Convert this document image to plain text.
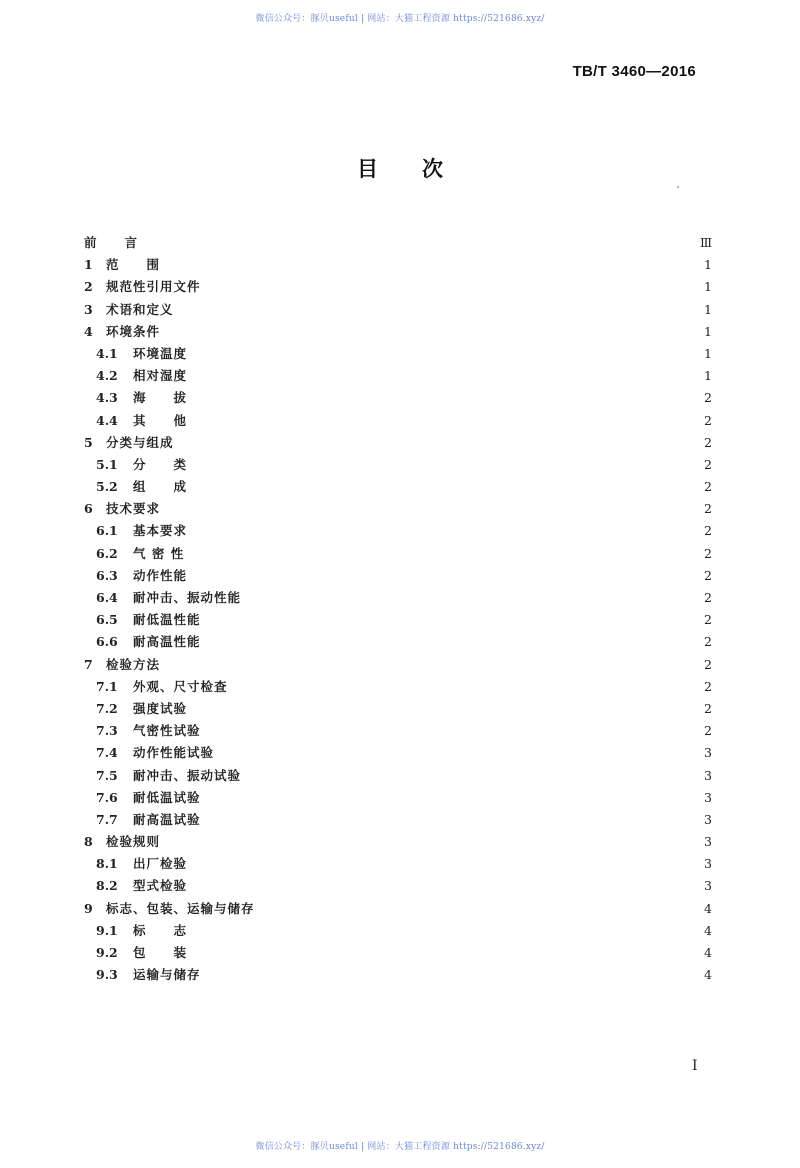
微信公众号：豚贝useful | 网站：大猫工程资源 https://521686.xyz/
TB/T 3460—2016
目次
前　　言	Ⅲ
1	范　　围	1
2	规范性引用文件	1
3	术语和定义	1
4	环境条件	1
4.1	环境温度	1
4.2	相对湿度	1
4.3	海　　拔	2
4.4	其　　他	2
5	分类与组成	2
5.1	分　　类	2
5.2	组　　成	2
6	技术要求	2
6.1	基本要求	2
6.2	气 密 性	2
6.3	动作性能	2
6.4	耐冲击、振动性能	2
6.5	耐低温性能	2
6.6	耐高温性能	2
7	检验方法	2
7.1	外观、尺寸检查	2
7.2	强度试验	2
7.3	气密性试验	2
7.4	动作性能试验	3
7.5	耐冲击、振动试验	3
7.6	耐低温试验	3
7.7	耐高温试验	3
8	检验规则	3
8.1	出厂检验	3
8.2	型式检验	3
9	标志、包装、运输与储存	4
9.1	标　　志	4
9.2	包　　装	4
9.3	运输与储存	4
I
微信公众号：豚贝useful | 网站：大猫工程资源 https://521686.xyz/
